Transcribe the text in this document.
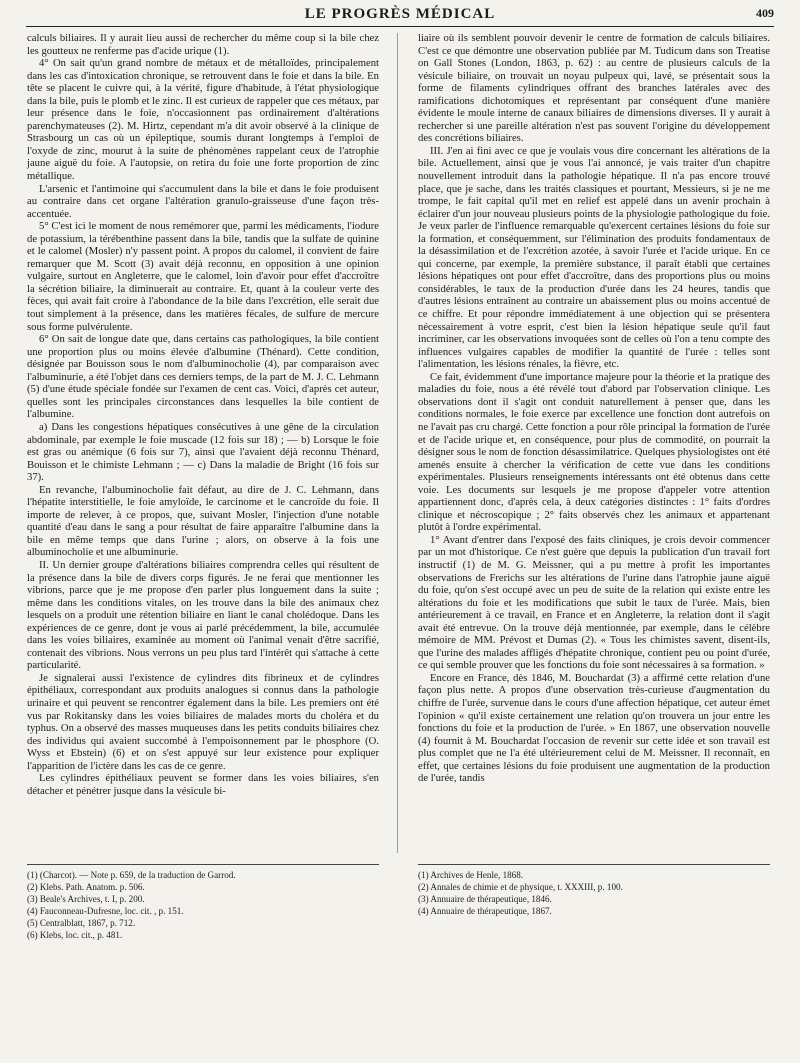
LE PROGRÈS MÉDICAL	409

calculs biliaires. Il y aurait lieu aussi de rechercher du même coup si la bile chez les goutteux ne renferme pas d'acide urique (1).

4° On sait qu'un grand nombre de métaux et de métalloïdes, principalement dans les cas d'intoxication chronique, se retrouvent dans le foie et dans la bile. En tête se placent le cuivre qui, à la vérité, figure d'habitude, à l'état physiologique dans la bile, puis le plomb et le zinc. Il est curieux de rappeler que ces métaux, par leur présence dans le foie, n'occasionnent pas ordinairement d'altérations parenchymateuses (2). M. Hirtz, cependant m'a dit avoir observé à la clinique de Strasbourg un cas où un épileptique, soumis durant longtemps à l'emploi de l'oxyde de zinc, mourut à la suite de phénomènes rappelant ceux de l'atrophie jaune aiguë du foie. A l'autopsie, on retira du foie une forte proportion de zinc métallique.

L'arsenic et l'antimoine qui s'accumulent dans la bile et dans le foie produisent au contraire dans cet organe l'altération granulo-graisseuse d'une façon très-accentuée.

5° C'est ici le moment de nous remémorer que, parmi les médicaments, l'iodure de potassium, la térébenthine passent dans la bile, tandis que la sulfate de quinine et le calomel (Mosler) n'y passent point. A propos du calomel, il convient de faire remarquer que M. Scott (3) avait déjà reconnu, en opposition à une opinion vulgaire, surtout en Angleterre, que le calomel, loin d'avoir pour effet d'accroître la sécrétion biliaire, la diminuerait au contraire. Et, quant à la couleur verte des fèces, qui avait fait croire à l'abondance de la bile dans l'excrétion, elle serait due tout simplement à la présence, dans les matières fécales, de sulfure de mercure sous forme pulvérulente.

6° On sait de longue date que, dans certains cas pathologiques, la bile contient une proportion plus ou moins élevée d'albumine (Thénard). Cette condition, désignée par Bouisson sous le nom d'albuminocholie (4), par comparaison avec l'albuminurie, a été l'objet dans ces derniers temps, de la part de M. J. C. Lehmann (5) d'une étude spéciale fondée sur l'examen de cent cas. Voici, d'après cet auteur, quelles sont les principales circonstances dans lesquelles la bile contient de l'albumine.

a) Dans les congestions hépatiques consécutives à une gêne de la circulation abdominale, par exemple le foie muscade (12 fois sur 18) ; — b) Lorsque le foie est gras ou anémique (6 fois sur 7), ainsi que l'avaient déjà reconnu Thénard, Bouisson et le chimiste Lehmann ; — c) Dans la maladie de Bright (16 fois sur 37).

En revanche, l'albuminocholie fait défaut, au dire de J. C. Lehmann, dans l'hépatite interstitielle, le foie amyloïde, le carcinome et le cancroïde du foie. Il importe de relever, à ce propos, que, suivant Mosler, l'injection d'une notable quantité d'eau dans le sang a pour résultat de faire apparaître l'albumine dans la bile en même temps que dans l'urine ; alors, on observe à la fois une albuminocholie et une albuminurie.

II. Un dernier groupe d'altérations biliaires comprendra celles qui résultent de la présence dans la bile de divers corps figurés. Je ne ferai que mentionner les vibrions, parce que je me propose d'en parler plus longuement dans la suite ; même dans les conditions vitales, on les trouve dans la bile des animaux chez lesquels on a produit une rétention biliaire en liant le canal cholédoque. Dans les expériences de ce genre, dont je vous ai parlé précédemment, la bile, accumulée dans les voies biliaires, examinée au moment où l'animal venait d'être sacrifié, contenait des vibrions. Nous verrons un peu plus tard l'intérêt qui s'attache à cette particularité.

Je signalerai aussi l'existence de cylindres dits fibrineux et de cylindres épithéliaux, correspondant aux produits analogues si connus dans la pathologie urinaire et qui peuvent se rencontrer également dans la bile. Les premiers ont été vus par Rokitansky dans les voies biliaires de malades morts du choléra et du typhus. On a observé des masses muqueuses dans les petits conduits biliaires chez des individus qui avaient succombé à l'empoisonnement par le phosphore (O. Wyss et Ebstein) (6) et on s'est appuyé sur leur existence pour expliquer l'apparition de l'ictère dans les cas de ce genre.

Les cylindres épithéliaux peuvent se former dans les voies biliaires, s'en détacher et pénétrer jusque dans la vésicule bi-

liaire où ils semblent pouvoir devenir le centre de formation de calculs biliaires. C'est ce que démontre une observation publiée par M. Tudicum dans son Treatise on Gall Stones (London, 1863, p. 62) : au centre de plusieurs calculs de la vésicule biliaire, on trouvait un noyau pulpeux qui, lavé, se présentait sous la forme de filaments cylindriques offrant des branches latérales avec des ramifications dichotomiques et représentant par conséquent d'une manière évidente le moule interne de canaux biliaires de dimensions diverses. Il y aurait à rechercher si une pareille altération n'est pas souvent l'origine du développement des concrétions biliaires.

III. J'en ai fini avec ce que je voulais vous dire concernant les altérations de la bile. Actuellement, ainsi que je vous l'ai annoncé, je vais traiter d'un chapitre nouvellement introduit dans la pathologie hépatique. Il n'a pas encore trouvé place, que je sache, dans les traités classiques et pourtant, Messieurs, si je ne me trompe, le fait capital qu'il met en relief est appelé dans un avenir prochain à éclairer d'un jour nouveau plusieurs points de la physiologie pathologique du foie. Je veux parler de l'influence remarquable qu'exercent certaines lésions du foie sur la formation, et conséquemment, sur l'élimination des produits fondamentaux de la désassimilation et de l'excrétion azotée, à savoir l'urée et l'acide urique. En ce qui concerne, par exemple, la première substance, il paraît établi que certaines lésions hépatiques ont pour effet d'accroître, dans des proportions plus ou moins considérables, le taux de la production d'urée dans les 24 heures, tandis que d'autres lésions entraînent au contraire un abaissement plus ou moins accentué de ce chiffre. Et pour répondre immédiatement à une objection qui se présentera nécessairement à votre esprit, c'est bien la lésion hépatique seule qu'il faut incriminer, car les observations invoquées sont de celles où l'on a tenu compte des influences vulgaires capables de modifier la quantité de l'urée : telles sont l'alimentation, les lésions rénales, la fièvre, etc.

Ce fait, évidemment d'une importance majeure pour la théorie et la pratique des maladies du foie, nous a été révélé tout d'abord par l'observation clinique. Les observations dont il s'agit ont conduit naturellement à penser que, dans les conditions normales, le foie exerce par excellence une fonction dont autrefois on ne l'avait pas cru chargé. Cette fonction a pour rôle principal la formation de l'urée et de l'acide urique et, en conséquence, pour plus de commodité, on pourrait la désigner sous le nom de fonction désassimilatrice. Quelques physiologistes ont été amenés ensuite à chercher la vérification de cette vue dans les conditions expérimentales. Plusieurs renseignements intéressants ont été obtenus dans cette voie. Les documents sur lesquels je me propose d'appeler votre attention appartiennent donc, d'après cela, à deux catégories distinctes : 1° faits d'ordres clinique et nécroscopique ; 2° faits observés chez les animaux et appartenant plutôt à l'ordre expérimental.

1° Avant d'entrer dans l'exposé des faits cliniques, je crois devoir commencer par un mot d'historique. Ce n'est guère que depuis la publication d'un travail fort instructif (1) de M. G. Meissner, qui a pu mettre à profit les importantes observations de Frerichs sur les altérations de l'urine dans l'atrophie jaune aiguë du foie, qu'on s'est occupé avec un peu de suite de la relation qui existe entre les altérations du foie et les modifications que subit le taux de l'urée. Mais, bien antérieurement à ce travail, en France et en Angleterre, la relation dont il s'agit avait été entrevue. On la trouve déjà mentionnée, par exemple, dans le célèbre mémoire de MM. Prévost et Dumas (2). « Tous les chimistes savent, disent-ils, que l'urine des malades affligés d'hépatite chronique, contient peu ou point d'urée, ce qui semble prouver que les fonctions du foie sont nécessaires à sa formation. »

Encore en France, dès 1846, M. Bouchardat (3) a affirmé cette relation d'une façon plus nette. A propos d'une observation très-curieuse d'augmentation du chiffre de l'urée, survenue dans le cours d'une affection hépatique, cet auteur émet l'opinion « qu'il existe certainement une relation qu'on trouvera un jour entre les fonctions du foie et la production de l'urée. » En 1867, une observation nouvelle (4) fournit à M. Bouchardat l'occasion de revenir sur cette idée et son travail est plus complet que ne l'a été ultérieurement celui de M. Meissner. Il reconnaît, en effet, que certaines lésions du foie produisent une augmentation de la production de l'urée, tandis

(1) (Charcot). — Note p. 659, de la traduction de Garrod.
(2) Klebs. Path. Anatom. p. 506.
(3) Beale's Archives, t. I, p. 200.
(4) Fauconneau-Dufresne, loc. cit. , p. 151.
(5) Centralblatt, 1867, p. 712.
(6) Klebs, loc. cit., p. 481.
(1) Archives de Henle, 1868.
(2) Annales de chimie et de physique, t. XXXIII, p. 100.
(3) Annuaire de thérapeutique, 1846.
(4) Annuaire de thérapeutique, 1867.
